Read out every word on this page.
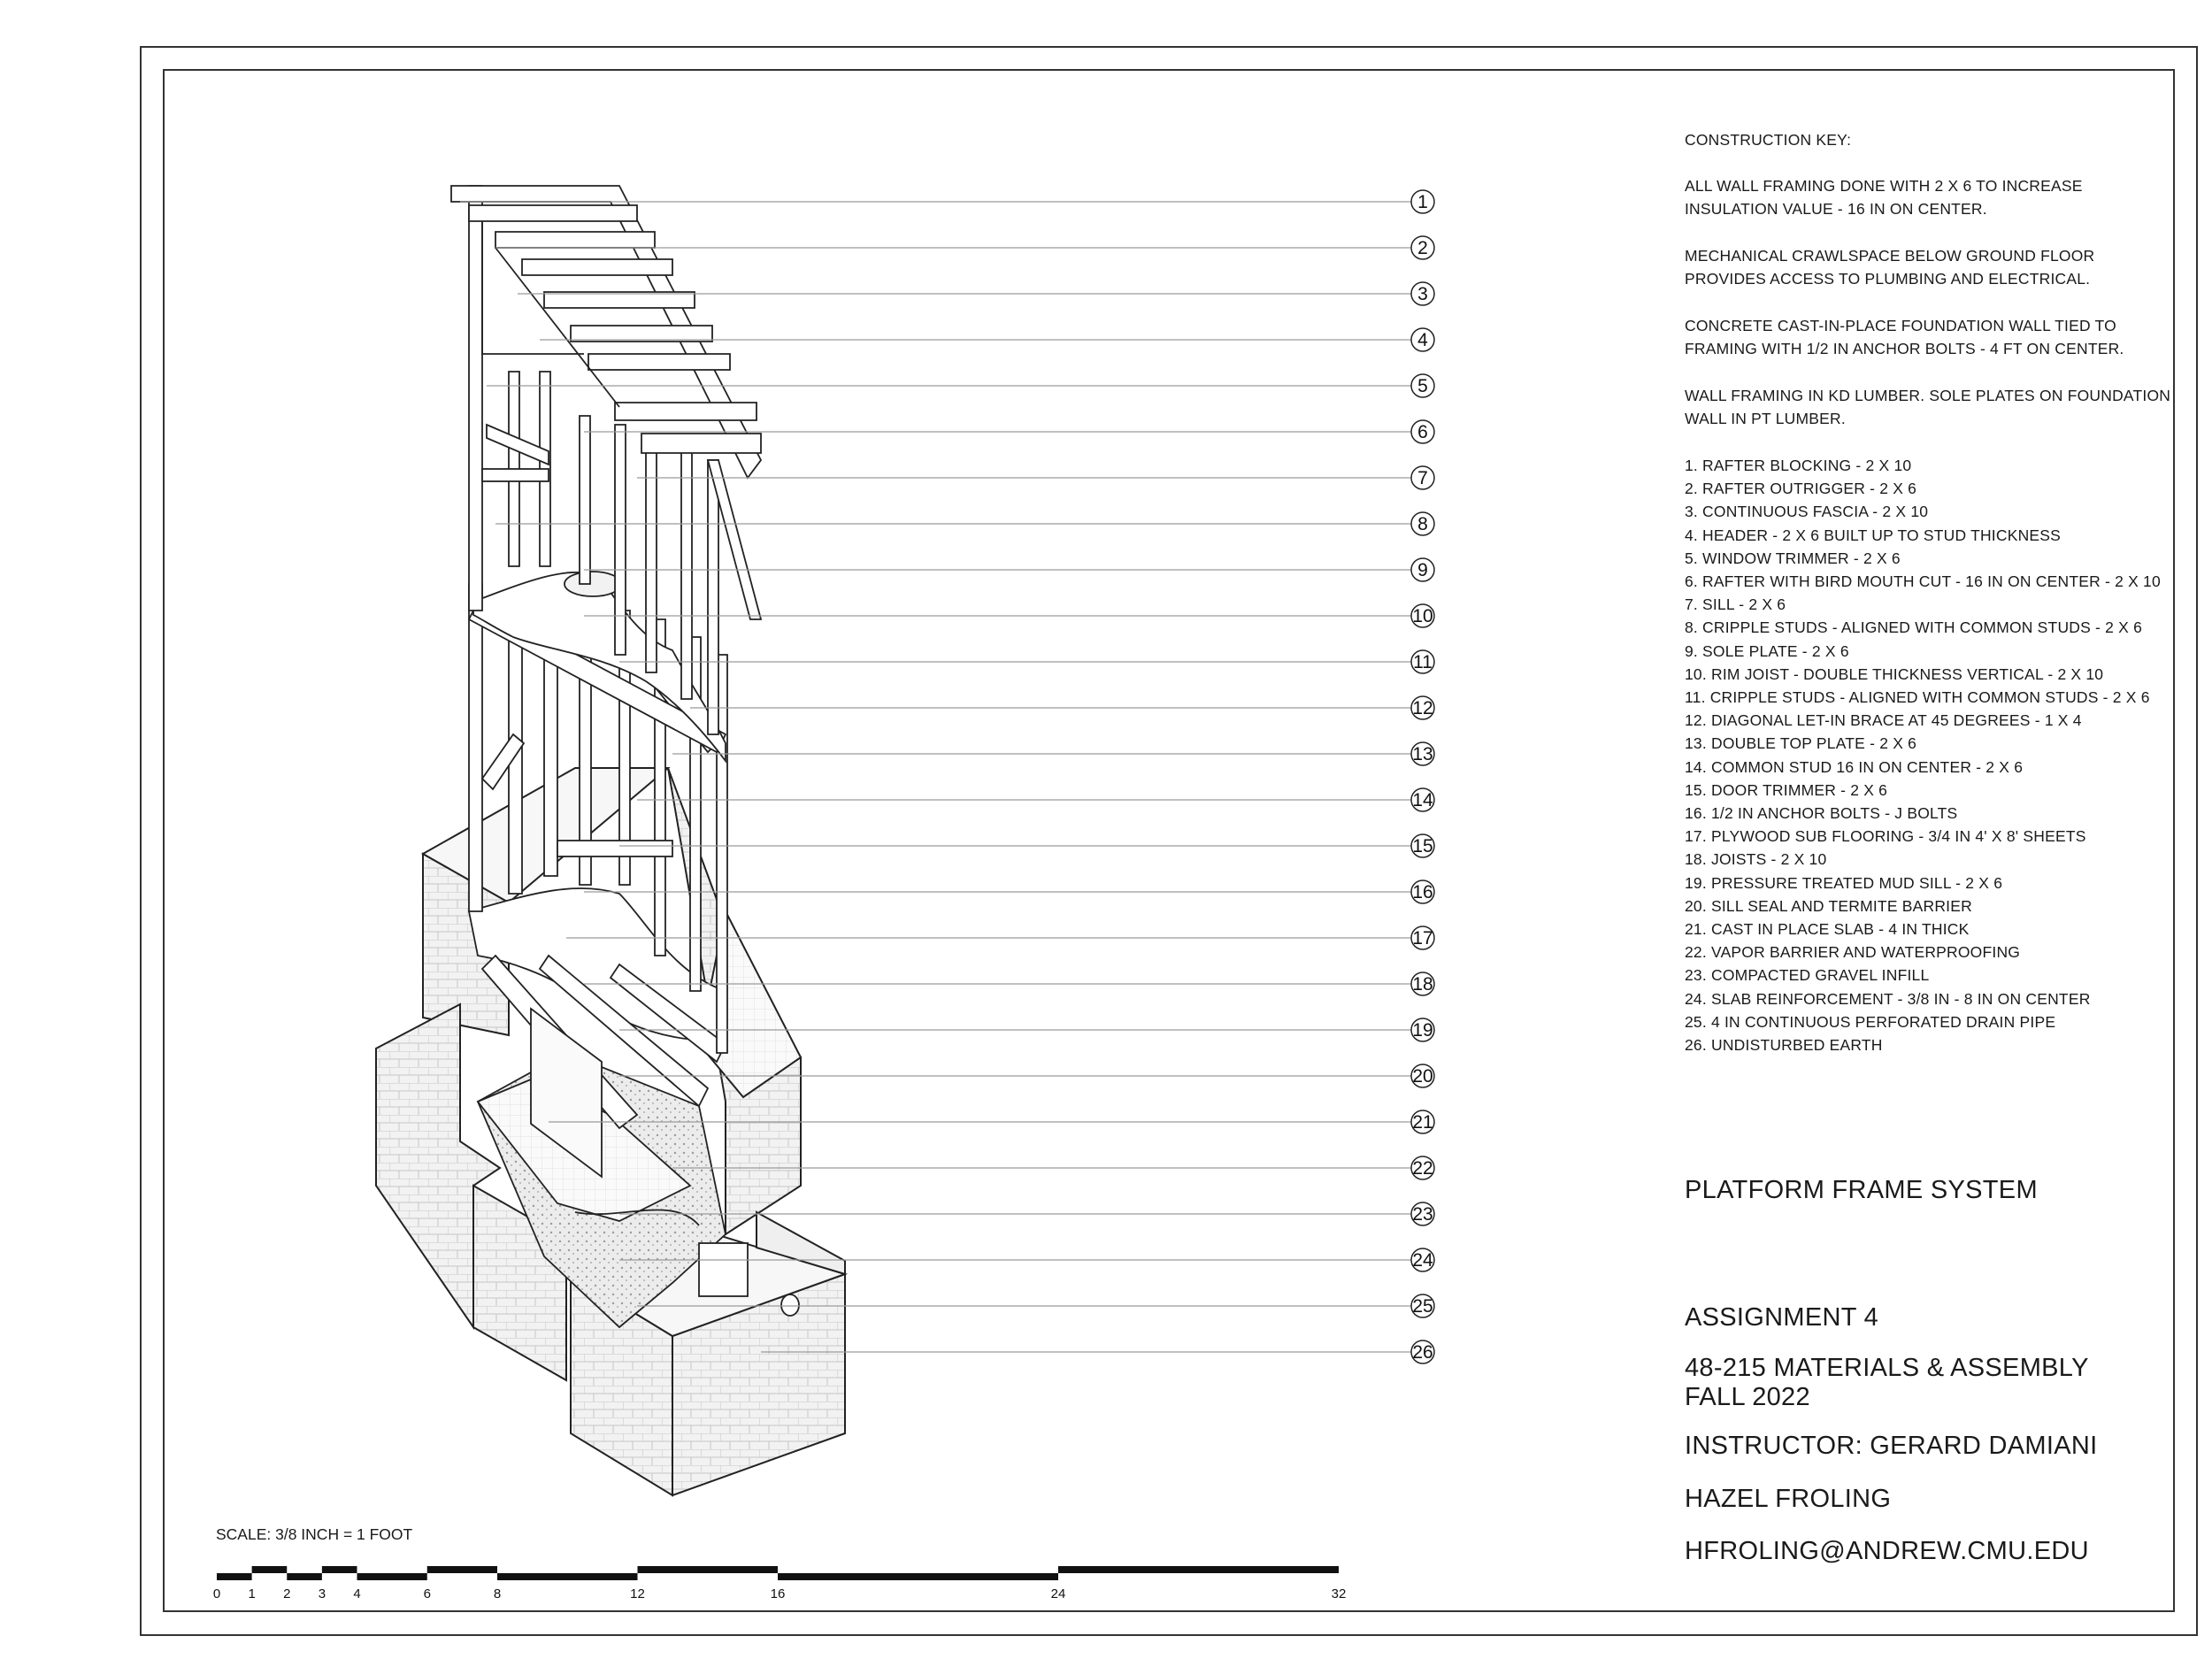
1
2
3
4
5
6
7
8
9
10
11
12
13
14
15
16
17
18
19
20
21
22
23
24
25
26
0 1 2 3 4	6	8	12	16	24	32
CONSTRUCTION KEY:
ALL WALL FRAMING DONE WITH 2 X 6 TO INCREASE INSULATION VALUE - 16 IN ON CENTER.
MECHANICAL CRAWLSPACE BELOW GROUND FLOOR PROVIDES ACCESS TO PLUMBING AND ELECTRICAL.
CONCRETE CAST-IN-PLACE FOUNDATION WALL TIED TO FRAMING WITH 1/2 IN ANCHOR BOLTS - 4 FT ON CENTER.
WALL FRAMING IN KD LUMBER. SOLE PLATES ON FOUNDATION WALL IN PT LUMBER.
1. RAFTER BLOCKING - 2 X 10
2. RAFTER OUTRIGGER - 2 X 6
3. CONTINUOUS FASCIA - 2 X 10
4. HEADER - 2 X 6 BUILT UP TO STUD THICKNESS
5. WINDOW TRIMMER - 2 X 6
6. RAFTER WITH BIRD MOUTH CUT - 16 IN ON CENTER - 2 X 10
7. SILL - 2 X 6
8. CRIPPLE STUDS - ALIGNED WITH COMMON STUDS - 2 X 6
9. SOLE PLATE - 2 X 6
10. RIM JOIST - DOUBLE THICKNESS VERTICAL - 2 X 10
11. CRIPPLE STUDS - ALIGNED WITH COMMON STUDS - 2 X 6
12. DIAGONAL LET-IN BRACE AT 45 DEGREES - 1 X 4
13. DOUBLE TOP PLATE - 2 X 6
14. COMMON STUD 16 IN ON CENTER - 2 X 6
15. DOOR TRIMMER - 2 X 6
16. 1/2 IN ANCHOR BOLTS - J BOLTS
17. PLYWOOD SUB FLOORING - 3/4 IN 4' X 8' SHEETS
18. JOISTS - 2 X 10
19. PRESSURE TREATED MUD SILL - 2 X 6
20. SILL SEAL AND TERMITE BARRIER
21. CAST IN PLACE SLAB - 4 IN THICK
22. VAPOR BARRIER AND WATERPROOFING
23. COMPACTED GRAVEL INFILL
24. SLAB REINFORCEMENT - 3/8 IN - 8 IN ON CENTER
25. 4 IN CONTINUOUS PERFORATED DRAIN PIPE
26. UNDISTURBED EARTH
PLATFORM FRAME SYSTEM
ASSIGNMENT 4
48-215 MATERIALS & ASSEMBLY
FALL 2022
INSTRUCTOR: GERARD DAMIANI
HAZEL FROLING
HFROLING@ANDREW.CMU.EDU
SCALE: 3/8 INCH = 1 FOOT
